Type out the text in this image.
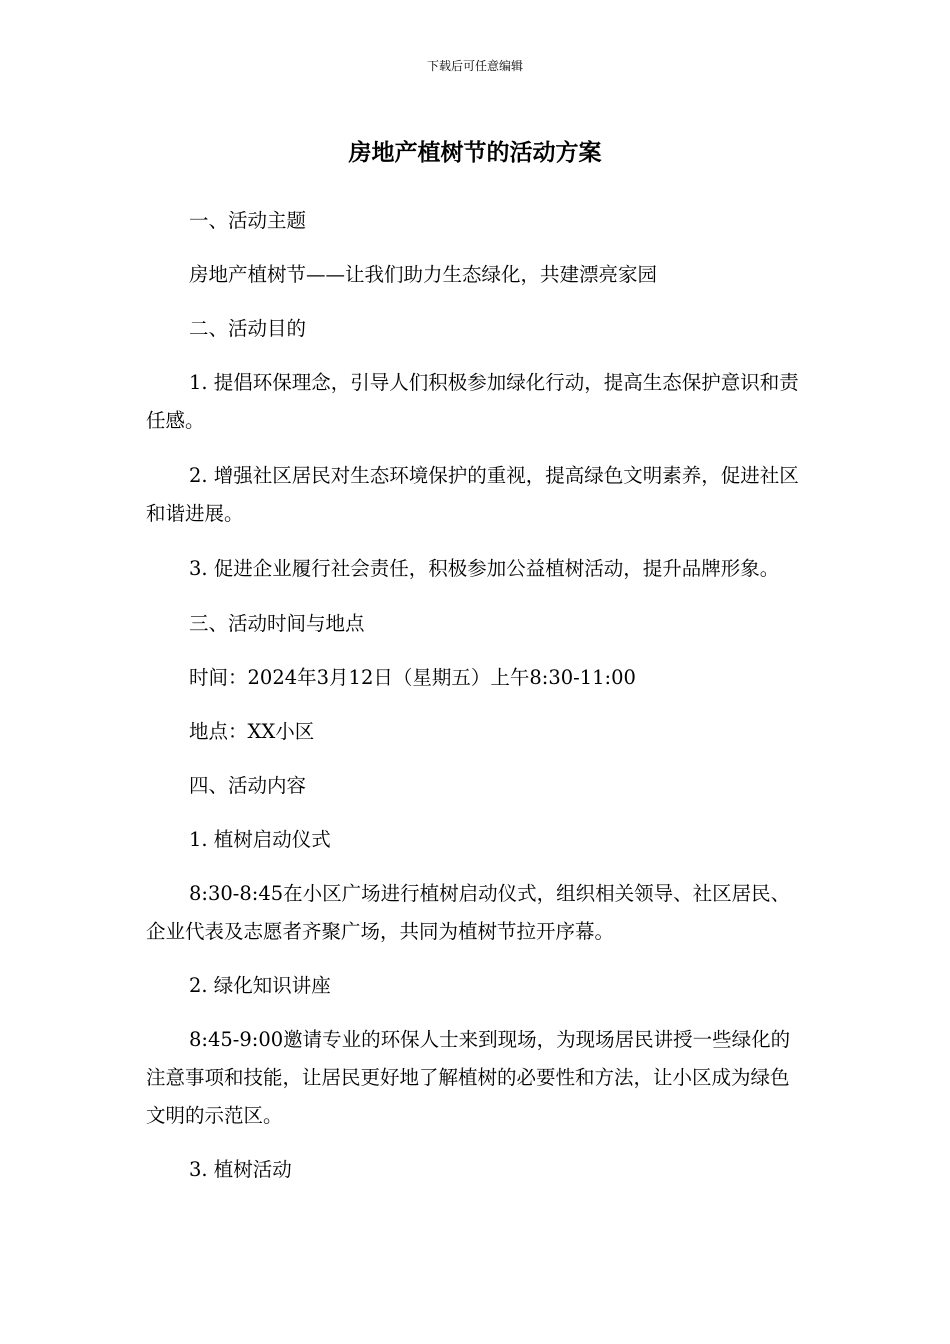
下载后可任意编辑
房地产植树节的活动方案

一、活动主题

房地产植树节——让我们助力生态绿化，共建漂亮家园

二、活动目的

1. 提倡环保理念，引导人们积极参加绿化行动，提高生态保护意识和责任感。

2. 增强社区居民对生态环境保护的重视，提高绿色文明素养，促进社区和谐进展。

3. 促进企业履行社会责任，积极参加公益植树活动，提升品牌形象。

三、活动时间与地点

时间：2024年3月12日（星期五）上午8:30-11:00

地点：XX小区

四、活动内容

1. 植树启动仪式

8:30-8:45在小区广场进行植树启动仪式，组织相关领导、社区居民、企业代表及志愿者齐聚广场，共同为植树节拉开序幕。

2. 绿化知识讲座

8:45-9:00邀请专业的环保人士来到现场，为现场居民讲授一些绿化的注意事项和技能，让居民更好地了解植树的必要性和方法，让小区成为绿色文明的示范区。

3. 植树活动
